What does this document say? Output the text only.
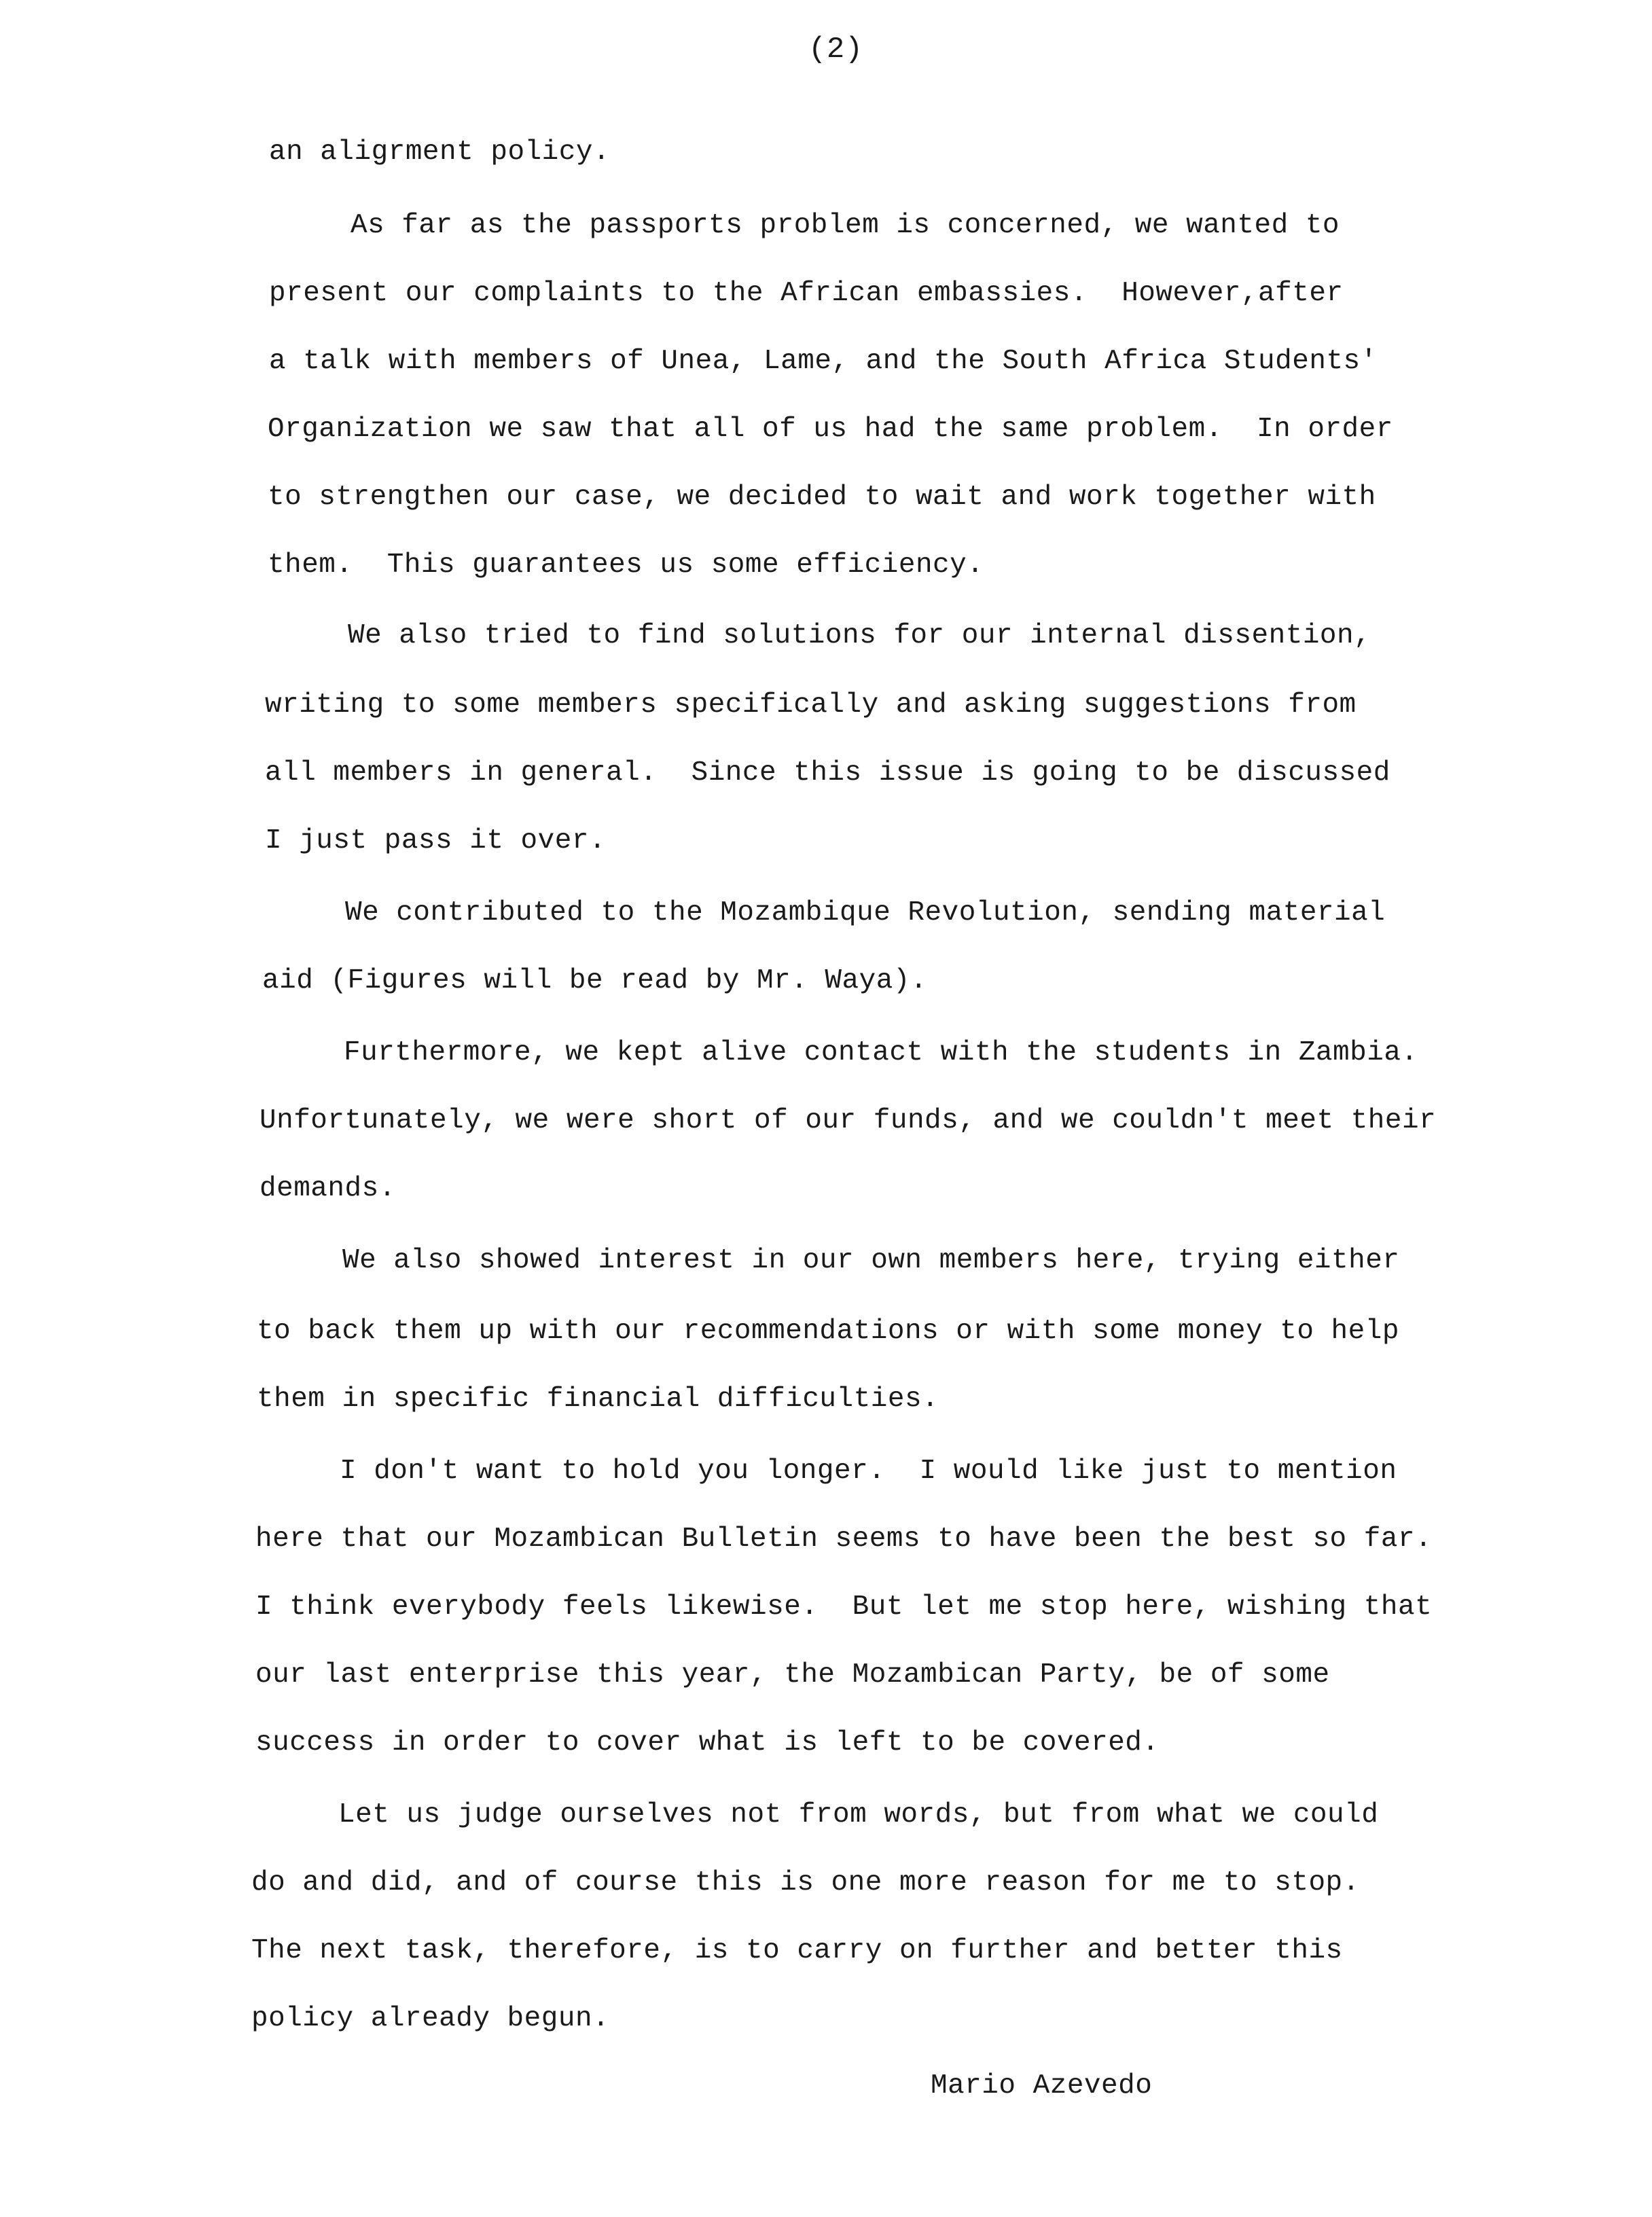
(2)
an aligrment policy.
As far as the passports problem is concerned, we wanted to
present our complaints to the African embassies.  However,after
a talk with members of Unea, Lame, and the South Africa Students'
Organization we saw that all of us had the same problem.  In order
to strengthen our case, we decided to wait and work together with
them.  This guarantees us some efficiency.
We also tried to find solutions for our internal dissention,
writing to some members specifically and asking suggestions from
all members in general.  Since this issue is going to be discussed
I just pass it over.
We contributed to the Mozambique Revolution, sending material
aid (Figures will be read by Mr. Waya).
Furthermore, we kept alive contact with the students in Zambia.
Unfortunately, we were short of our funds, and we couldn't meet their
demands.
We also showed interest in our own members here, trying either
to back them up with our recommendations or with some money to help
them in specific financial difficulties.
I don't want to hold you longer.  I would like just to mention
here that our Mozambican Bulletin seems to have been the best so far.
I think everybody feels likewise.  But let me stop here, wishing that
our last enterprise this year, the Mozambican Party, be of some
success in order to cover what is left to be covered.
Let us judge ourselves not from words, but from what we could
do and did, and of course this is one more reason for me to stop.
The next task, therefore, is to carry on further and better this
policy already begun.
Mario Azevedo
